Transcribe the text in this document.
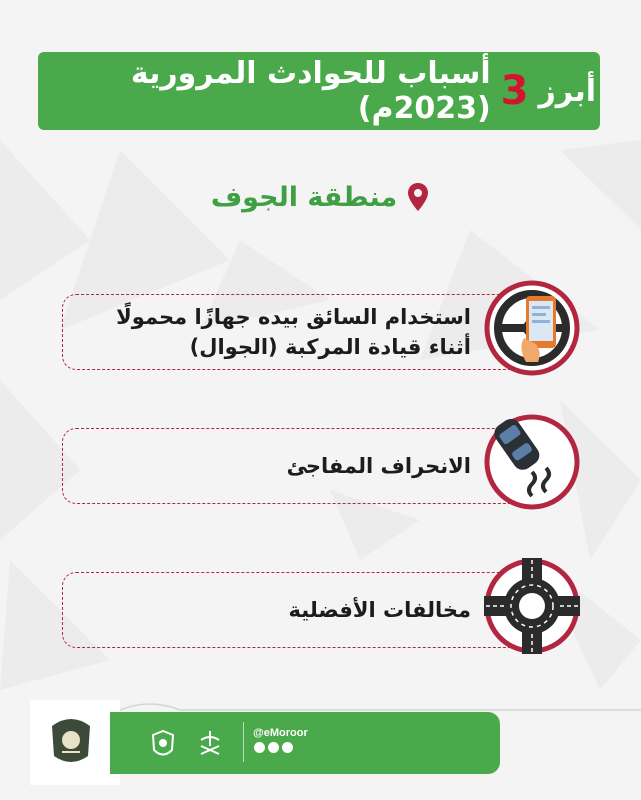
أبرز
3
أسباب للحوادث المرورية (2023م)
منطقة الجوف
استخدام السائق بيده جهازًا محمولًا
أثناء قيادة المركبة (الجوال)
الانحراف المفاجئ
مخالفات الأفضلية
@eMoroor
